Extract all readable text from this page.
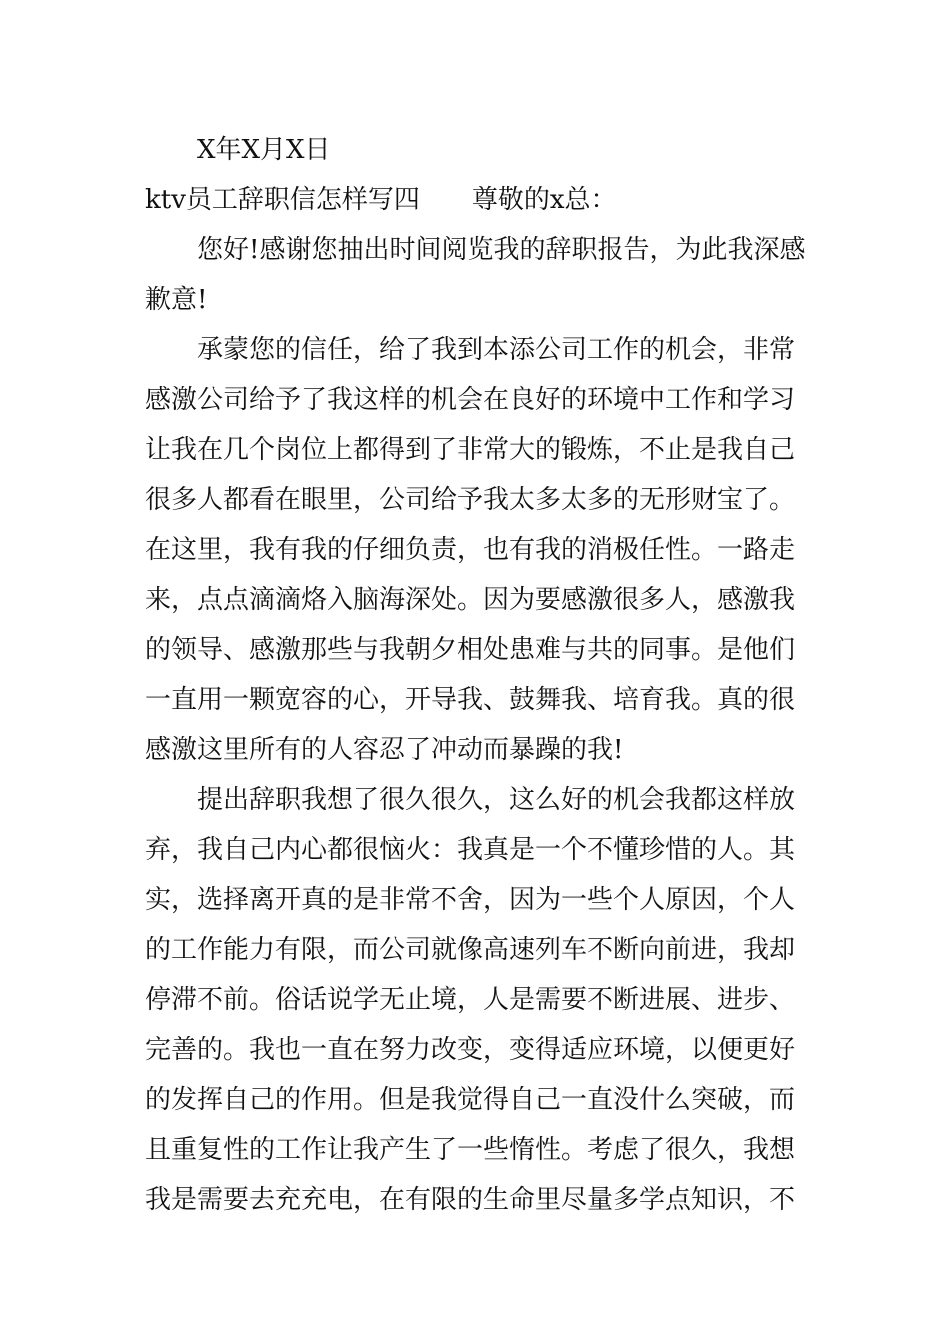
X年X月X日
ktv员工辞职信怎样写四　　尊敬的x总：
您好!感谢您抽出时间阅览我的辞职报告，为此我深感
歉意!
承蒙您的信任，给了我到本添公司工作的机会，非常
感激公司给予了我这样的机会在良好的环境中工作和学习
让我在几个岗位上都得到了非常大的锻炼，不止是我自己
很多人都看在眼里，公司给予我太多太多的无形财宝了。
在这里，我有我的仔细负责，也有我的消极任性。一路走
来，点点滴滴烙入脑海深处。因为要感激很多人，感激我
的领导、感激那些与我朝夕相处患难与共的同事。是他们
一直用一颗宽容的心，开导我、鼓舞我、培育我。真的很
感激这里所有的人容忍了冲动而暴躁的我!
提出辞职我想了很久很久，这么好的机会我都这样放
弃，我自己内心都很恼火：我真是一个不懂珍惜的人。其
实，选择离开真的是非常不舍，因为一些个人原因，个人
的工作能力有限，而公司就像高速列车不断向前进，我却
停滞不前。俗话说学无止境，人是需要不断进展、进步、
完善的。我也一直在努力改变，变得适应环境，以便更好
的发挥自己的作用。但是我觉得自己一直没什么突破，而
且重复性的工作让我产生了一些惰性。考虑了很久，我想
我是需要去充充电，在有限的生命里尽量多学点知识，不
